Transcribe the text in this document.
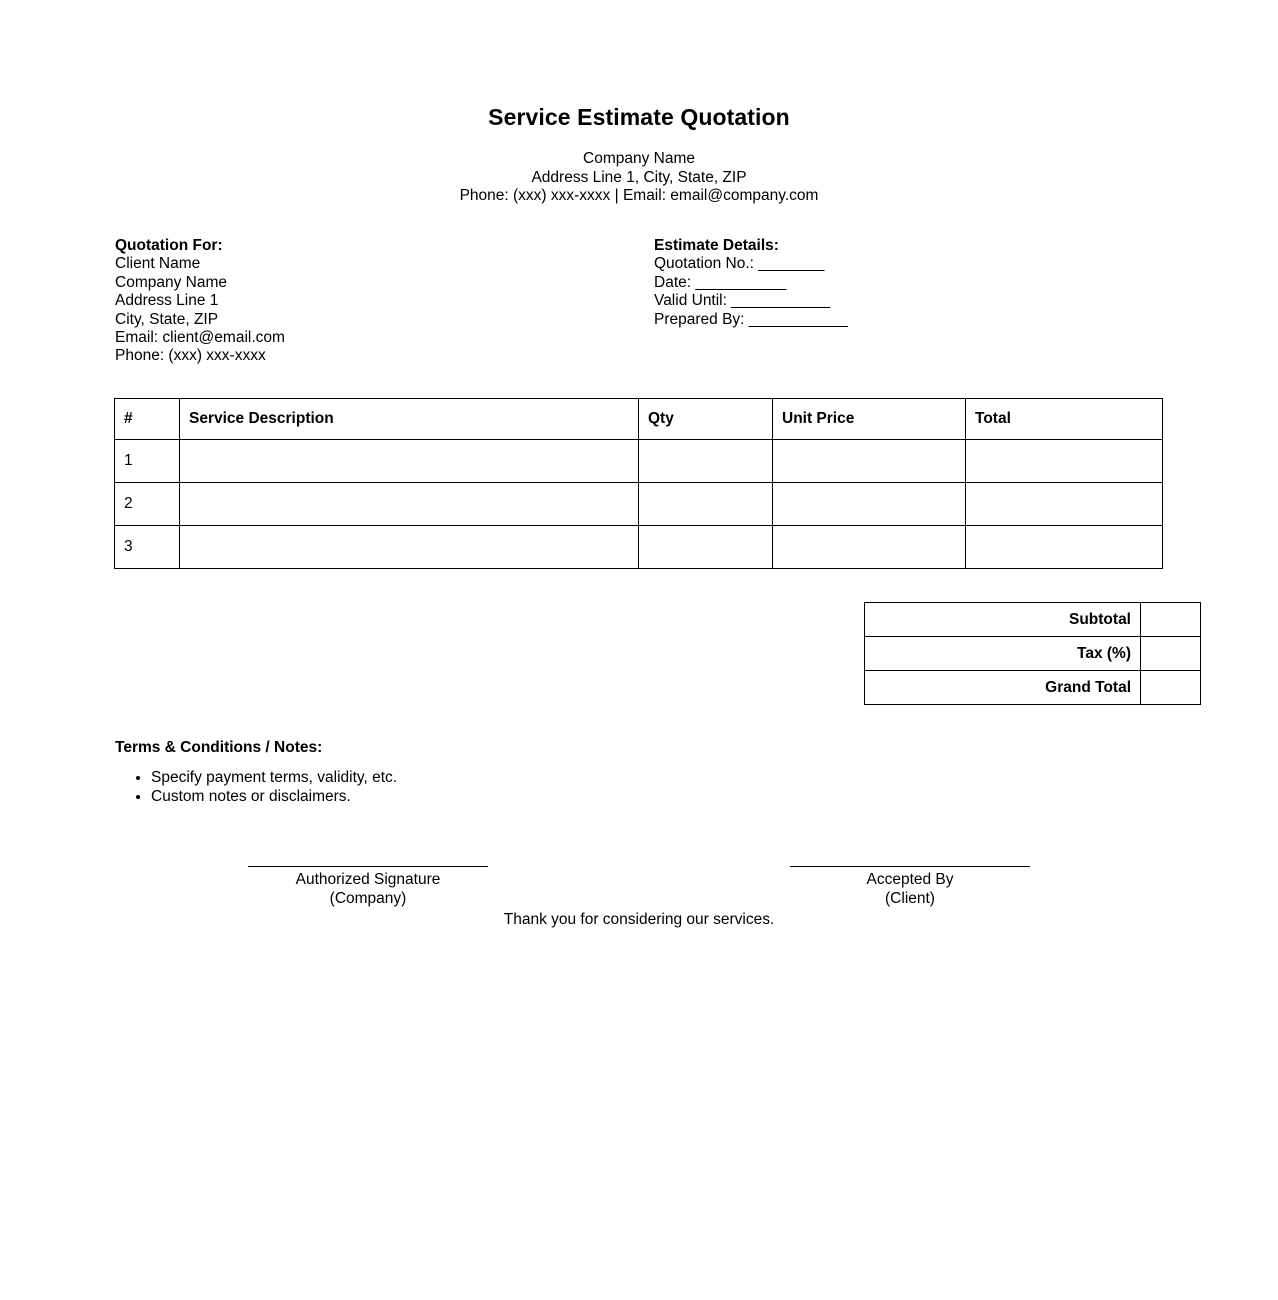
Service Estimate Quotation
Company Name
Address Line 1, City, State, ZIP
Phone: (xxx) xxx-xxxx | Email: email@company.com
Quotation For:
Client Name
Company Name
Address Line 1
City, State, ZIP
Email: client@email.com
Phone: (xxx) xxx-xxxx
Estimate Details:
Quotation No.: ________
Date: ___________
Valid Until: ____________
Prepared By: ____________
#	Service Description	Qty	Unit Price	Total
1				
2				
3				
Subtotal	
Tax (%)	
Grand Total	
Terms & Conditions / Notes:
• Specify payment terms, validity, etc.
• Custom notes or disclaimers.
Authorized Signature
(Company)
Accepted By
(Client)
Thank you for considering our services.
